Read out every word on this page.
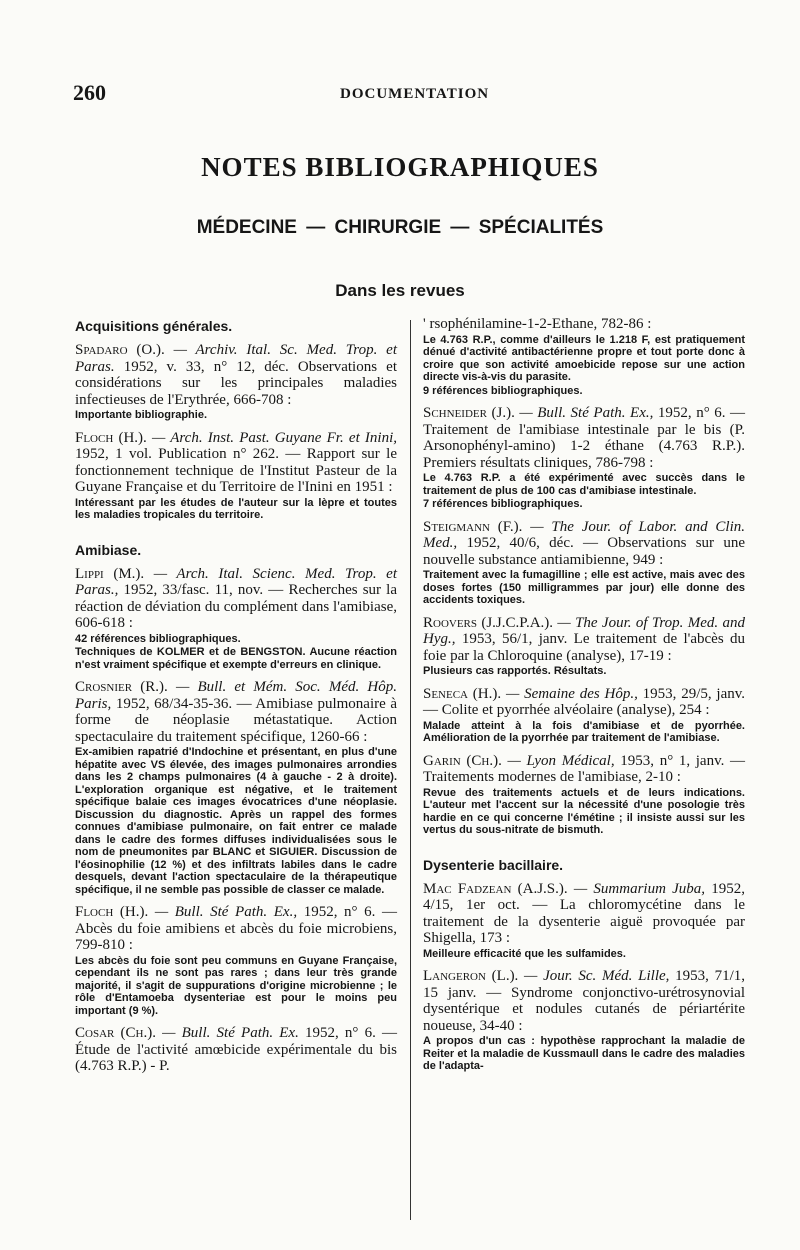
260	DOCUMENTATION
NOTES BIBLIOGRAPHIQUES
MÉDECINE — CHIRURGIE — SPÉCIALITÉS
Dans les revues
Acquisitions générales.
Spadaro (O.). — Archiv. Ital. Sc. Med. Trop. et Paras. 1952, v. 33, n° 12, déc. Observations et considérations sur les principales maladies infectieuses de l'Erythrée, 666-708 :
Importante bibliographie.
Floch (H.). — Arch. Inst. Past. Guyane Fr. et Inini, 1952, 1 vol. Publication n° 262. — Rapport sur le fonctionnement technique de l'Institut Pasteur de la Guyane Française et du Territoire de l'Inini en 1951 :
Intéressant par les études de l'auteur sur la lèpre et toutes les maladies tropicales du territoire.
Amibiase.
Lippi (M.). — Arch. Ital. Scienc. Med. Trop. et Paras., 1952, 33/fasc. 11, nov. — Recherches sur la réaction de déviation du complément dans l'amibiase, 606-618 :
42 références bibliographiques.
Techniques de KOLMER et de BENGSTON. Aucune réaction n'est vraiment spécifique et exempte d'erreurs en clinique.
Crosnier (R.). — Bull. et Mém. Soc. Méd. Hôp. Paris, 1952, 68/34-35-36. — Amibiase pulmonaire à forme de néoplasie métastatique. Action spectaculaire du traitement spécifique, 1260-66 :
Ex-amibien rapatrié d'Indochine et présentant, en plus d'une hépatite avec VS élevée, des images pulmonaires arrondies dans les 2 champs pulmonaires (4 à gauche - 2 à droite). L'exploration organique est négative, et le traitement spécifique balaie ces images évocatrices d'une néoplasie. Discussion du diagnostic. Après un rappel des formes connues d'amibiase pulmonaire, on fait entrer ce malade dans le cadre des formes diffuses individualisées sous le nom de pneumonites par BLANC et SIGUIER. Discussion de l'éosinophilie (12 %) et des infiltrats labiles dans le cadre desquels, devant l'action spectaculaire de la thérapeutique spécifique, il ne semble pas possible de classer ce malade.
Floch (H.). — Bull. Sté Path. Ex., 1952, n° 6. — Abcès du foie amibiens et abcès du foie microbiens, 799-810 :
Les abcès du foie sont peu communs en Guyane Française, cependant ils ne sont pas rares ; dans leur très grande majorité, il s'agit de suppurations d'origine microbienne ; le rôle d'Entamoeba dysenteriae est pour le moins peu important (9 %).
Cosar (Ch.). — Bull. Sté Path. Ex. 1952, n° 6. — Étude de l'activité amœbicide expérimentale du bis (4.763 R.P.) - P.
' rsophénilamine-1-2-Ethane, 782-86 :
Le 4.763 R.P., comme d'ailleurs le 1.218 F, est pratiquement dénué d'activité antibactérienne propre et tout porte donc à croire que son activité amoebicide repose sur une action directe vis-à-vis du parasite.
9 références bibliographiques.
Schneider (J.). — Bull. Sté Path. Ex., 1952, n° 6. — Traitement de l'amibiase intestinale par le bis (P. Arsonophényl-amino) 1-2 éthane (4.763 R.P.). Premiers résultats cliniques, 786-798 :
Le 4.763 R.P. a été expérimenté avec succès dans le traitement de plus de 100 cas d'amibiase intestinale.
7 références bibliographiques.
Steigmann (F.). — The Jour. of Labor. and Clin. Med., 1952, 40/6, déc. — Observations sur une nouvelle substance antiamibienne, 949 :
Traitement avec la fumagilline ; elle est active, mais avec des doses fortes (150 milligrammes par jour) elle donne des accidents toxiques.
Roovers (J.J.C.P.A.). — The Jour. of Trop. Med. and Hyg., 1953, 56/1, janv. Le traitement de l'abcès du foie par la Chloroquine (analyse), 17-19 :
Plusieurs cas rapportés. Résultats.
Seneca (H.). — Semaine des Hôp., 1953, 29/5, janv. — Colite et pyorrhée alvéolaire (analyse), 254 :
Malade atteint à la fois d'amibiase et de pyorrhée. Amélioration de la pyorrhée par traitement de l'amibiase.
Garin (Ch.). — Lyon Médical, 1953, n° 1, janv. — Traitements modernes de l'amibiase, 2-10 :
Revue des traitements actuels et de leurs indications. L'auteur met l'accent sur la nécessité d'une posologie très hardie en ce qui concerne l'émétine ; il insiste aussi sur les vertus du sous-nitrate de bismuth.
Dysenterie bacillaire.
Mac Fadzean (A.J.S.). — Summarium Juba, 1952, 4/15, 1er oct. — La chloromycétine dans le traitement de la dysenterie aiguë provoquée par Shigella, 173 :
Meilleure efficacité que les sulfamides.
Langeron (L.). — Jour. Sc. Méd. Lille, 1953, 71/1, 15 janv. — Syndrome conjonctivo-urétrosynovial dysentérique et nodules cutanés de périartérite noueuse, 34-40 :
A propos d'un cas : hypothèse rapprochant la maladie de Reiter et la maladie de Kussmaull dans le cadre des maladies de l'adapta-
